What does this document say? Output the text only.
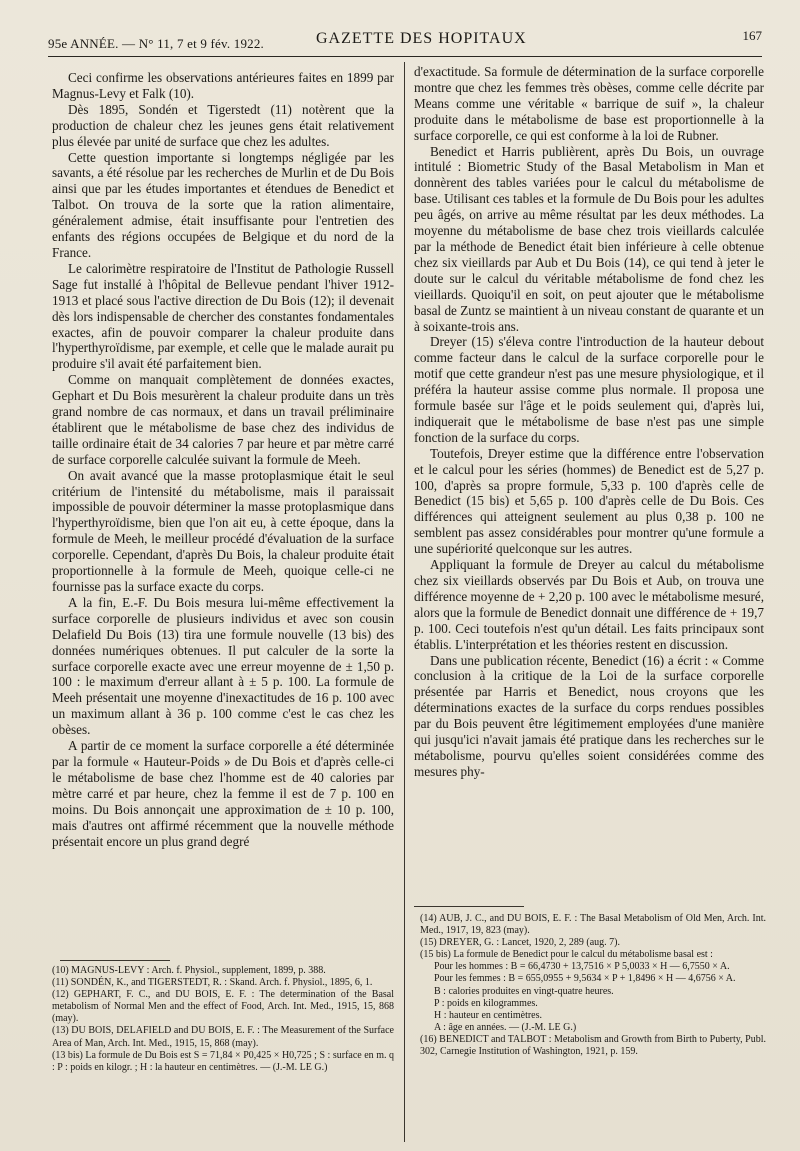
95e ANNÉE. — N° 11, 7 et 9 fév. 1922.	GAZETTE DES HOPITAUX	167

Ceci confirme les observations antérieures faites en 1899 par Magnus-Levy et Falk (10).

Dès 1895, Sondén et Tigerstedt (11) notèrent que la production de chaleur chez les jeunes gens était relativement plus élevée par unité de surface que chez les adultes.

Cette question importante si longtemps négligée par les savants, a été résolue par les recherches de Murlin et de Du Bois ainsi que par les études importantes et étendues de Benedict et Talbot. On trouva de la sorte que la ration alimentaire, généralement admise, était insuffisante pour l'entretien des enfants des régions occupées de Belgique et du nord de la France.

Le calorimètre respiratoire de l'Institut de Pathologie Russell Sage fut installé à l'hôpital de Bellevue pendant l'hiver 1912-1913 et placé sous l'active direction de Du Bois (12); il devenait dès lors indispensable de chercher des constantes fondamentales exactes, afin de pouvoir comparer la chaleur produite dans l'hyperthyroïdisme, par exemple, et celle que le malade aurait pu produire s'il avait été parfaitement bien.

Comme on manquait complètement de données exactes, Gephart et Du Bois mesurèrent la chaleur produite dans un très grand nombre de cas normaux, et dans un travail préliminaire établirent que le métabolisme de base chez des individus de taille ordinaire était de 34 calories 7 par heure et par mètre carré de surface corporelle calculée suivant la formule de Meeh.

On avait avancé que la masse protoplasmique était le seul critérium de l'intensité du métabolisme, mais il paraissait impossible de pouvoir déterminer la masse protoplasmique dans l'hyperthyroïdisme, bien que l'on ait eu, à cette époque, dans la formule de Meeh, le meilleur procédé d'évaluation de la surface corporelle. Cependant, d'après Du Bois, la chaleur produite était proportionnelle à la formule de Meeh, quoique celle-ci ne fournisse pas la surface exacte du corps.

A la fin, E.-F. Du Bois mesura lui-même effectivement la surface corporelle de plusieurs individus et avec son cousin Delafield Du Bois (13) tira une formule nouvelle (13 bis) des données numériques obtenues. Il put calculer de la sorte la surface corporelle exacte avec une erreur moyenne de ± 1,50 p. 100 : le maximum d'erreur allant à ± 5 p. 100. La formule de Meeh présentait une moyenne d'inexactitudes de 16 p. 100 avec un maximum allant à 36 p. 100 comme c'est le cas chez les obèses.

A partir de ce moment la surface corporelle a été déterminée par la formule « Hauteur-Poids » de Du Bois et d'après celle-ci le métabolisme de base chez l'homme est de 40 calories par mètre carré et par heure, chez la femme il est de 7 p. 100 en moins. Du Bois annonçait une approximation de ± 10 p. 100, mais d'autres ont affirmé récemment que la nouvelle méthode présentait encore un plus grand degré

d'exactitude. Sa formule de détermination de la surface corporelle montre que chez les femmes très obèses, comme celle décrite par Means comme une véritable « barrique de suif », la chaleur produite dans le métabolisme de base est proportionnelle à la surface corporelle, ce qui est conforme à la loi de Rubner.

Benedict et Harris publièrent, après Du Bois, un ouvrage intitulé : Biometric Study of the Basal Metabolism in Man et donnèrent des tables variées pour le calcul du métabolisme de base. Utilisant ces tables et la formule de Du Bois pour les adultes peu âgés, on arrive au même résultat par les deux méthodes. La moyenne du métabolisme de base chez trois vieillards calculée par la méthode de Benedict était bien inférieure à celle obtenue chez six vieillards par Aub et Du Bois (14), ce qui tend à jeter le doute sur le calcul du véritable métabolisme de fond chez les vieillards. Quoiqu'il en soit, on peut ajouter que le métabolisme basal de Zuntz se maintient à un niveau constant de quarante et un à soixante-trois ans.

Dreyer (15) s'éleva contre l'introduction de la hauteur debout comme facteur dans le calcul de la surface corporelle pour le motif que cette grandeur n'est pas une mesure physiologique, et il préféra la hauteur assise comme plus normale. Il proposa une formule basée sur l'âge et le poids seulement qui, d'après lui, indiquerait que le métabolisme de base n'est pas une simple fonction de la surface du corps.

Toutefois, Dreyer estime que la différence entre l'observation et le calcul pour les séries (hommes) de Benedict est de 5,27 p. 100, d'après sa propre formule, 5,33 p. 100 d'après celle de Benedict (15 bis) et 5,65 p. 100 d'après celle de Du Bois. Ces différences qui atteignent seulement au plus 0,38 p. 100 ne semblent pas assez considérables pour montrer qu'une formule a une supériorité quelconque sur les autres.

Appliquant la formule de Dreyer au calcul du métabolisme chez six vieillards observés par Du Bois et Aub, on trouva une différence moyenne de + 2,20 p. 100 avec le métabolisme mesuré, alors que la formule de Benedict donnait une différence de + 19,7 p. 100. Ceci toutefois n'est qu'un détail. Les faits principaux sont établis. L'interprétation et les théories restent en discussion.

Dans une publication récente, Benedict (16) a écrit : « Comme conclusion à la critique de la Loi de la surface corporelle présentée par Harris et Benedict, nous croyons que les déterminations exactes de la surface du corps rendues possibles par du Bois peuvent être légitimement employées d'une manière qui jusqu'ici n'avait jamais été pratique dans les recherches sur le métabolisme, pourvu qu'elles soient considérées comme des mesures phy-

(10) MAGNUS-LEVY : Arch. f. Physiol., supplement, 1899, p. 388.

(11) SONDÉN, K., and TIGERSTEDT, R. : Skand. Arch. f. Physiol., 1895, 6, 1.

(12) GEPHART, F. C., and DU BOIS, E. F. : The determination of the Basal metabolism of Normal Men and the effect of Food, Arch. Int. Med., 1915, 15, 868 (may).

(13) DU BOIS, DELAFIELD and DU BOIS, E. F. : The Measurement of the Surface Area of Man, Arch. Int. Med., 1915, 15, 868 (may).

(13 bis) La formule de Du Bois est S = 71,84 × P0,425 × H0,725 ; S : surface en m. q : P : poids en kilogr. ; H : la hauteur en centimètres. — (J.-M. LE G.)

(14) AUB, J. C., and DU BOIS, E. F. : The Basal Metabolism of Old Men, Arch. Int. Med., 1917, 19, 823 (may).

(15) DREYER, G. : Lancet, 1920, 2, 289 (aug. 7).

(15 bis) La formule de Benedict pour le calcul du métabolisme basal est :

Pour les hommes : B = 66,4730 + 13,7516 × P 5,0033 × H — 6,7550 × A.

Pour les femmes : B = 655,0955 + 9,5634 × P + 1,8496 × H — 4,6756 × A.

B : calories produites en vingt-quatre heures.

P : poids en kilogrammes.

H : hauteur en centimètres.

A : âge en années. — (J.-M. LE G.)

(16) BENEDICT and TALBOT : Metabolism and Growth from Birth to Puberty, Publ. 302, Carnegie Institution of Washington, 1921, p. 159.
